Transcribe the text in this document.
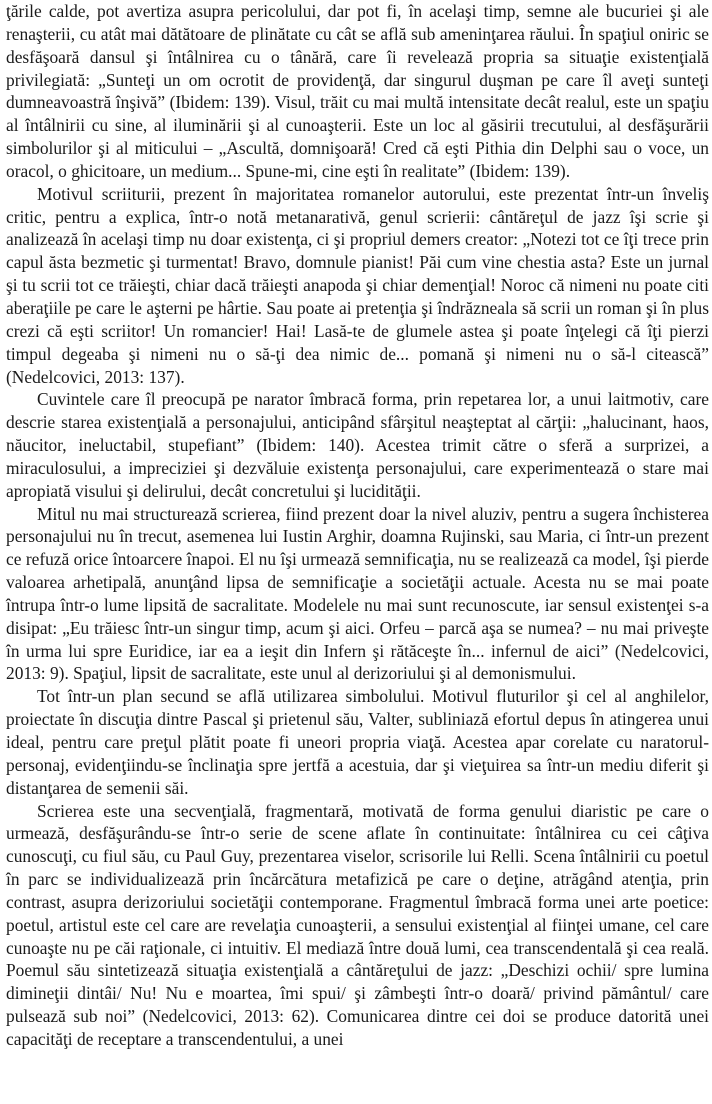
ţările calde, pot avertiza asupra pericolului, dar pot fi, în acelaşi timp, semne ale bucuriei şi ale renaşterii, cu atât mai dătătoare de plinătate cu cât se află sub ameninţarea răului. În spaţiul oniric se desfăşoară dansul şi întâlnirea cu o tânără, care îi revelează propria sa situaţie existenţială privilegiată: „Sunteţi un om ocrotit de providenţă, dar singurul duşman pe care îl aveţi sunteţi dumneavoastră înşivă” (Ibidem: 139). Visul, trăit cu mai multă intensitate decât realul, este un spaţiu al întâlnirii cu sine, al iluminării şi al cunoaşterii. Este un loc al găsirii trecutului, al desfăşurării simbolurilor şi al miticului – „Ascultă, domnişoară! Cred că eşti Pithia din Delphi sau o voce, un oracol, o ghicitoare, un medium... Spune-mi, cine eşti în realitate” (Ibidem: 139).

Motivul scriiturii, prezent în majoritatea romanelor autorului, este prezentat într-un înveliş critic, pentru a explica, într-o notă metanarativă, genul scrierii: cântăreţul de jazz îşi scrie şi analizează în acelaşi timp nu doar existenţa, ci şi propriul demers creator: „Notezi tot ce îţi trece prin capul ăsta bezmetic şi turmentat! Bravo, domnule pianist! Păi cum vine chestia asta? Este un jurnal şi tu scrii tot ce trăieşti, chiar dacă trăieşti anapoda şi chiar demenţial! Noroc că nimeni nu poate citi aberaţiile pe care le aşterni pe hârtie. Sau poate ai pretenţia şi îndrăzneala să scrii un roman şi în plus crezi că eşti scriitor! Un romancier! Hai! Lasă-te de glumele astea şi poate înţelegi că îţi pierzi timpul degeaba şi nimeni nu o să-ţi dea nimic de... pomană şi nimeni nu o să-l citească” (Nedelcovici, 2013: 137).

Cuvintele care îl preocupă pe narator îmbracă forma, prin repetarea lor, a unui laitmotiv, care descrie starea existenţială a personajului, anticipând sfârşitul neaşteptat al cărţii: „halucinant, haos, năucitor, ineluctabil, stupefiant” (Ibidem: 140). Acestea trimit către o sferă a surprizei, a miraculosului, a impreciziei şi dezvăluie existenţa personajului, care experimentează o stare mai apropiată visului şi delirului, decât concretului şi lucidităţii.

Mitul nu mai structurează scrierea, fiind prezent doar la nivel aluziv, pentru a sugera închisterea personajului nu în trecut, asemenea lui Iustin Arghir, doamna Rujinski, sau Maria, ci într-un prezent ce refuză orice întoarcere înapoi. El nu îşi urmează semnificaţia, nu se realizează ca model, îşi pierde valoarea arhetipală, anunţând lipsa de semnificaţie a societăţii actuale. Acesta nu se mai poate întrupa într-o lume lipsită de sacralitate. Modelele nu mai sunt recunoscute, iar sensul existenţei s-a disipat: „Eu trăiesc într-un singur timp, acum şi aici. Orfeu – parcă aşa se numea? – nu mai priveşte în urma lui spre Euridice, iar ea a ieşit din Infern şi rătăceşte în... infernul de aici” (Nedelcovici, 2013: 9). Spaţiul, lipsit de sacralitate, este unul al derizoriului şi al demonismului.

Tot într-un plan secund se află utilizarea simbolului. Motivul fluturilor şi cel al anghilelor, proiectate în discuţia dintre Pascal şi prietenul său, Valter, subliniază efortul depus în atingerea unui ideal, pentru care preţul plătit poate fi uneori propria viaţă. Acestea apar corelate cu naratorul-personaj, evidenţiindu-se înclinaţia spre jertfă a acestuia, dar şi vieţuirea sa într-un mediu diferit şi distanţarea de semenii săi.

Scrierea este una secvenţială, fragmentară, motivată de forma genului diaristic pe care o urmează, desfăşurându-se într-o serie de scene aflate în continuitate: întâlnirea cu cei câţiva cunoscuţi, cu fiul său, cu Paul Guy, prezentarea viselor, scrisorile lui Relli. Scena întâlnirii cu poetul în parc se individualizează prin încărcătura metafizică pe care o deţine, atrăgând atenţia, prin contrast, asupra derizoriului societăţii contemporane. Fragmentul îmbracă forma unei arte poetice: poetul, artistul este cel care are revelaţia cunoaşterii, a sensului existenţial al fiinţei umane, cel care cunoaşte nu pe căi raţionale, ci intuitiv. El mediază între două lumi, cea transcendentală şi cea reală. Poemul său sintetizează situaţia existenţială a cântăreţului de jazz: „Deschizi ochii/ spre lumina dimineţii dintâi/ Nu! Nu e moartea, îmi spui/ şi zâmbeşti într-o doară/ privind pământul/ care pulsează sub noi” (Nedelcovici, 2013: 62). Comunicarea dintre cei doi se produce datorită unei capacităţi de receptare a transcendentului, a unei
